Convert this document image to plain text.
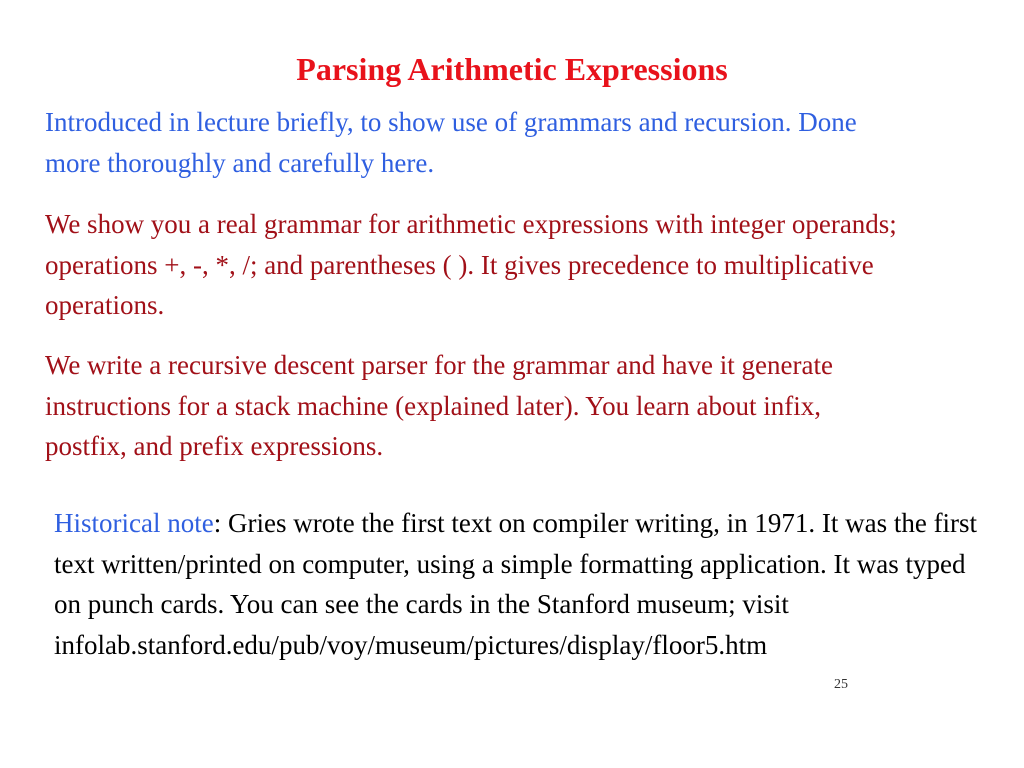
Parsing Arithmetic Expressions

Introduced in lecture briefly, to show use of grammars and recursion. Done more thoroughly and carefully here.

We show you a real grammar for arithmetic expressions with integer operands; operations +, -, *, /; and parentheses ( ). It gives precedence to multiplicative operations.

We write a recursive descent parser for the grammar and have it generate instructions for a stack machine (explained later). You learn about infix, postfix, and prefix expressions.

Historical note: Gries wrote the first text on compiler writing, in 1971. It was the first text written/printed on computer, using a simple formatting application. It was typed on punch cards. You can see the cards in the Stanford museum; visit infolab.stanford.edu/pub/voy/museum/pictures/display/floor5.htm

25
